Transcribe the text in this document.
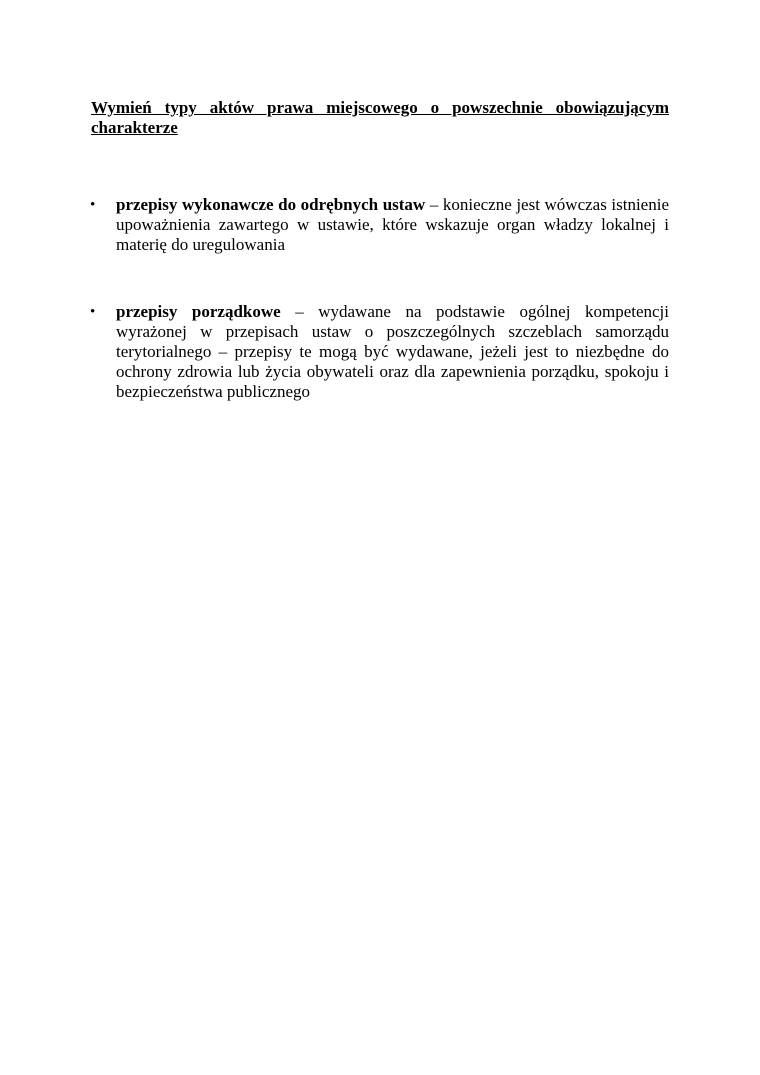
Wymień typy aktów prawa miejscowego o powszechnie obowiązującym charakterze

• przepisy wykonawcze do odrębnych ustaw – konieczne jest wówczas istnienie upoważnienia zawartego w ustawie, które wskazuje organ władzy lokalnej i materię do uregulowania
• przepisy porządkowe – wydawane na podstawie ogólnej kompetencji wyrażonej w przepisach ustaw o poszczególnych szczeblach samorządu terytorialnego – przepisy te mogą być wydawane, jeżeli jest to niezbędne do ochrony zdrowia lub życia obywateli oraz dla zapewnienia porządku, spokoju i bezpieczeństwa publicznego
